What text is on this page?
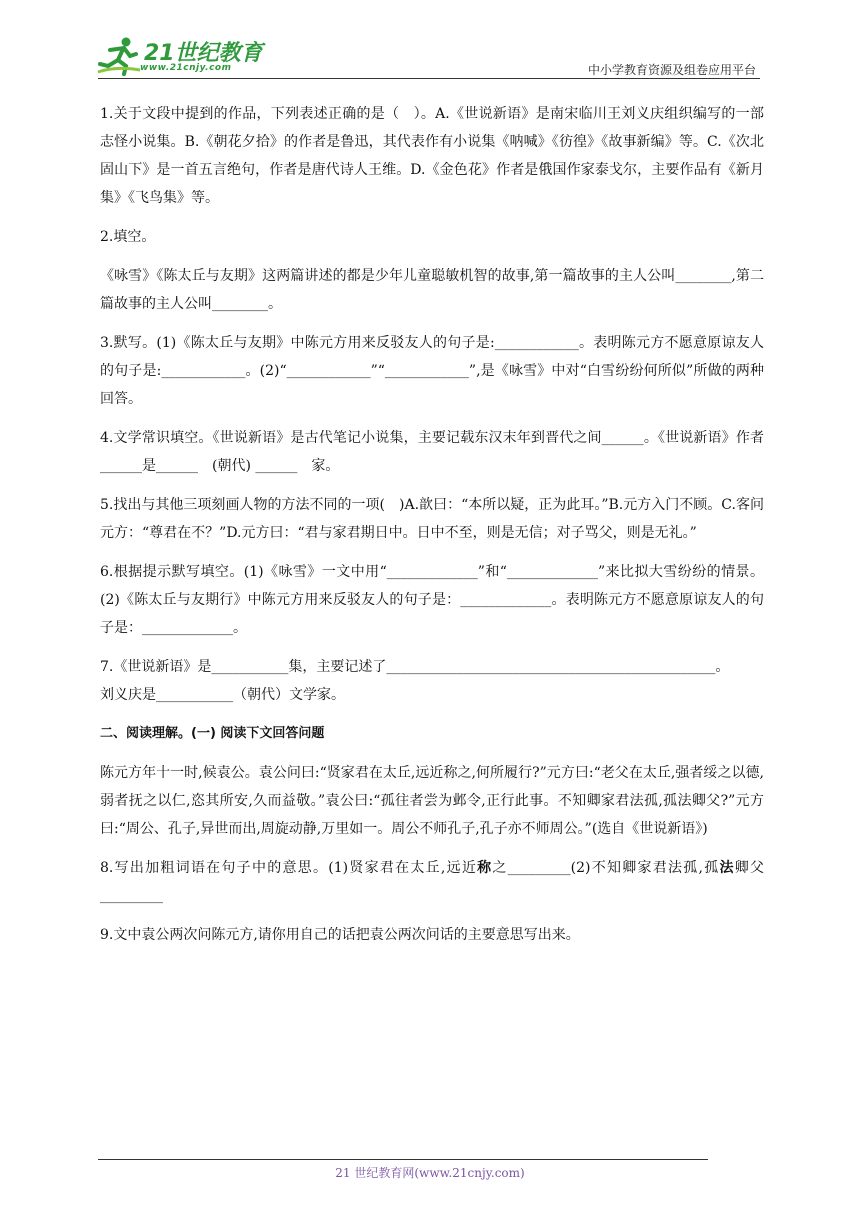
21世纪教育
www.21cnjy.com	中小学教育资源及组卷应用平台

1.关于文段中提到的作品，下列表述正确的是（　）。A.《世说新语》是南宋临川王刘义庆组织编写的一部志怪小说集。B.《朝花夕拾》的作者是鲁迅，其代表作有小说集《呐喊》《彷徨》《故事新编》等。C.《次北固山下》是一首五言绝句，作者是唐代诗人王维。D.《金色花》作者是俄国作家泰戈尔，主要作品有《新月集》《飞鸟集》等。

2.填空。

《咏雪》《陈太丘与友期》这两篇讲述的都是少年儿童聪敏机智的故事,第一篇故事的主人公叫________,第二篇故事的主人公叫________。

3.默写。(1)《陈太丘与友期》中陈元方用来反驳友人的句子是:____________。表明陈元方不愿意原谅友人的句子是:____________。(2)“____________”“____________”,是《咏雪》中对“白雪纷纷何所似”所做的两种回答。

4.文学常识填空。《世说新语》是古代笔记小说集，主要记载东汉末年到晋代之间______。《世说新语》作者______是______　(朝代) ______　家。

5.找出与其他三项刻画人物的方法不同的一项(　)A.歆曰：“本所以疑，正为此耳。”B.元方入门不顾。C.客问元方：“尊君在不？”D.元方曰：“君与家君期日中。日中不至，则是无信；对子骂父，则是无礼。”

6.根据提示默写填空。(1)《咏雪》一文中用“_____________”和“_____________”来比拟大雪纷纷的情景。(2)《陈太丘与友期行》中陈元方用来反驳友人的句子是：_____________。表明陈元方不愿意原谅友人的句子是：_____________。

7.《世说新语》是___________集，主要记述了_______________________________________________。

刘义庆是___________（朝代）文学家。

二、阅读理解。(一) 阅读下文回答问题

陈元方年十一时,候袁公。袁公问曰:“贤家君在太丘,远近称之,何所履行?”元方曰:“老父在太丘,强者绥之以德,弱者抚之以仁,恣其所安,久而益敬。”袁公曰:“孤往者尝为邺令,正行此事。不知卿家君法孤,孤法卿父?”元方曰:“周公、孔子,异世而出,周旋动静,万里如一。周公不师孔子,孔子亦不师周公。”(选自《世说新语》)

8.写出加粗词语在句子中的意思。(1)贤家君在太丘,远近称之_________(2)不知卿家君法孤,孤法卿父_________

9.文中袁公两次问陈元方,请你用自己的话把袁公两次问话的主要意思写出来。

21 世纪教育网(www.21cnjy.com)
